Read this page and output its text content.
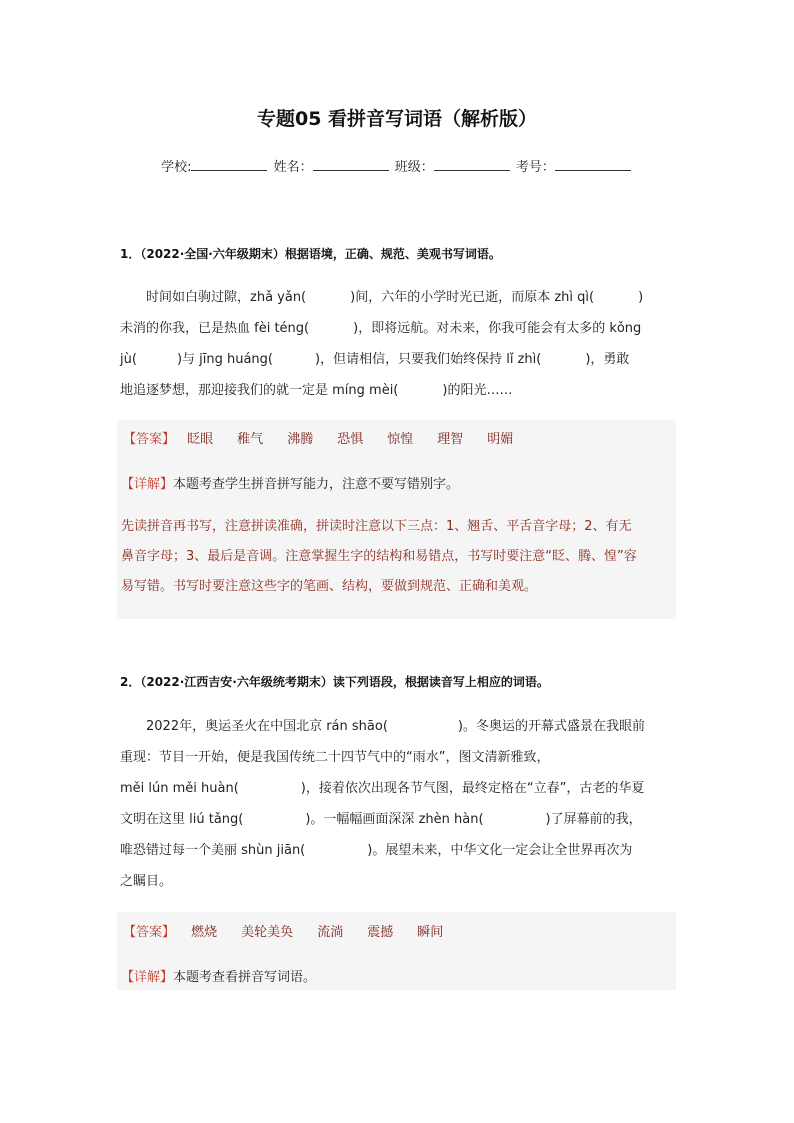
专题05 看拼音写词语（解析版）
学校:	姓名：	班级：	考号：
1．（2022·全国·六年级期末）根据语境，正确、规范、美观书写词语。
时间如白驹过隙，zhǎ yǎn(	)间，六年的小学时光已逝，而原本 zhì qì(	)
未消的你我，已是热血 fèi téng(	)，即将远航。对未来，你我可能会有太多的 kǒng
jù(	)与 jīng huáng(	)，但请相信，只要我们始终保持 lǐ zhì(	)，勇敢
地追逐梦想，那迎接我们的就一定是 míng mèi(	)的阳光……
【答案】 眨眼 稚气 沸腾 恐惧 惊惶 理智 明媚
【详解】本题考查学生拼音拼写能力，注意不要写错别字。
先读拼音再书写，注意拼读准确，拼读时注意以下三点：1、翘舌、平舌音字母；2、有无
鼻音字母；3、最后是音调。注意掌握生字的结构和易错点，书写时要注意“眨、腾、惶”容
易写错。书写时要注意这些字的笔画、结构，要做到规范、正确和美观。
2．（2022·江西吉安·六年级统考期末）读下列语段，根据读音写上相应的词语。
2022年，奥运圣火在中国北京 rán shāo(	)。冬奥运的开幕式盛景在我眼前
重现：节目一开始，便是我国传统二十四节气中的“雨水”，图文清新雅致，
měi lún měi huàn(	)，接着依次出现各节气图，最终定格在“立春”，古老的华夏
文明在这里 liú tǎng(	)。一幅幅画面深深 zhèn hàn(	)了屏幕前的我，
唯恐错过每一个美丽 shùn jiān(	)。展望未来，中华文化一定会让全世界再次为
之瞩目。
【答案】 燃烧 美轮美奂 流淌 震撼 瞬间
【详解】本题考查看拼音写词语。
